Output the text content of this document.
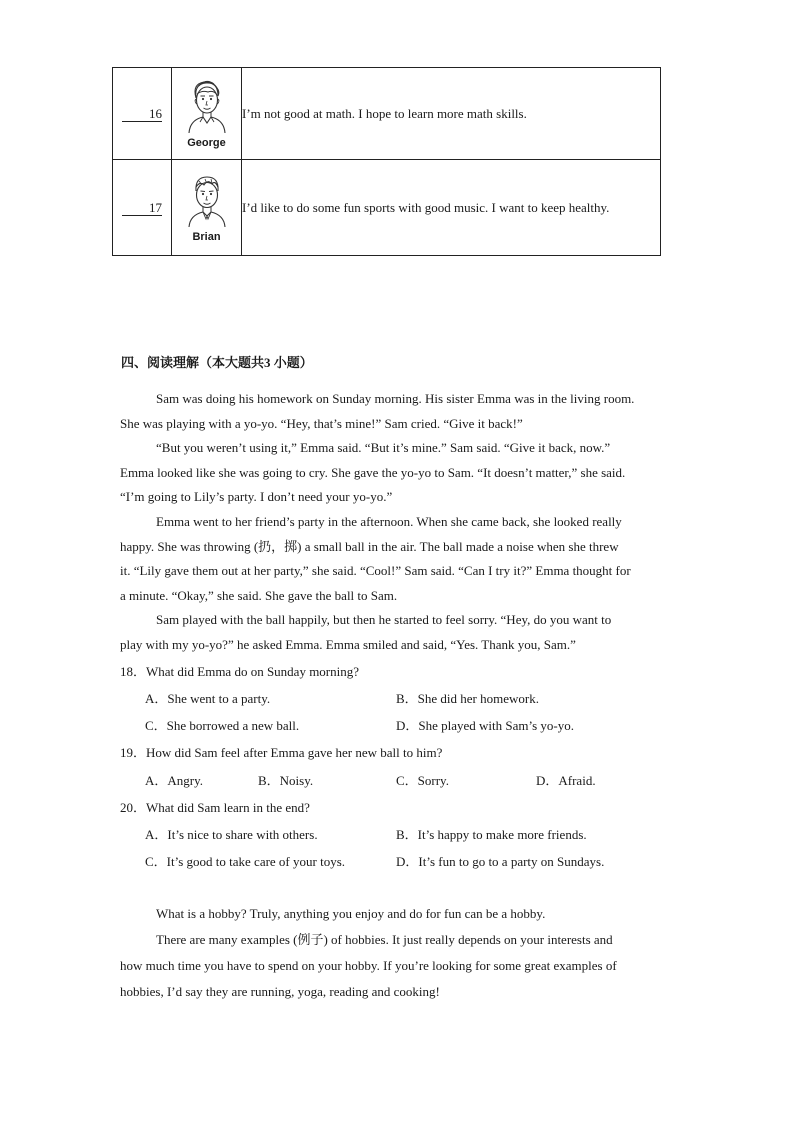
16	George	I’m not good at math. I hope to learn more math skills.
17	Brian	I’d like to do some fun sports with good music. I want to keep healthy.
四、阅读理解（本大题共3 小题）
Sam was doing his homework on Sunday morning. His sister Emma was in the living room.
She was playing with a yo-yo. “Hey, that’s mine!” Sam cried. “Give it back!”
“But you weren’t using it,” Emma said. “But it’s mine.” Sam said. “Give it back, now.”
Emma looked like she was going to cry. She gave the yo-yo to Sam. “It doesn’t matter,” she said.
“I’m going to Lily’s party. I don’t need your yo-yo.”
Emma went to her friend’s party in the afternoon. When she came back, she looked really
happy. She was throwing (扔，掷) a small ball in the air. The ball made a noise when she threw
it. “Lily gave them out at her party,” she said. “Cool!” Sam said. “Can I try it?” Emma thought for
a minute. “Okay,” she said. She gave the ball to Sam.
Sam played with the ball happily, but then he started to feel sorry. “Hey, do you want to
play with my yo-yo?” he asked Emma. Emma smiled and said, “Yes. Thank you, Sam.”
18．What did Emma do on Sunday morning?
A．She went to a party.	B．She did her homework.
C．She borrowed a new ball.	D．She played with Sam’s yo-yo.
19．How did Sam feel after Emma gave her new ball to him?
A．Angry.	B．Noisy.	C．Sorry.	D．Afraid.
20．What did Sam learn in the end?
A．It’s nice to share with others.	B．It’s happy to make more friends.
C．It’s good to take care of your toys.	D．It’s fun to go to a party on Sundays.
What is a hobby? Truly, anything you enjoy and do for fun can be a hobby.
There are many examples (例子) of hobbies. It just really depends on your interests and
how much time you have to spend on your hobby. If you’re looking for some great examples of
hobbies, I’d say they are running, yoga, reading and cooking!
